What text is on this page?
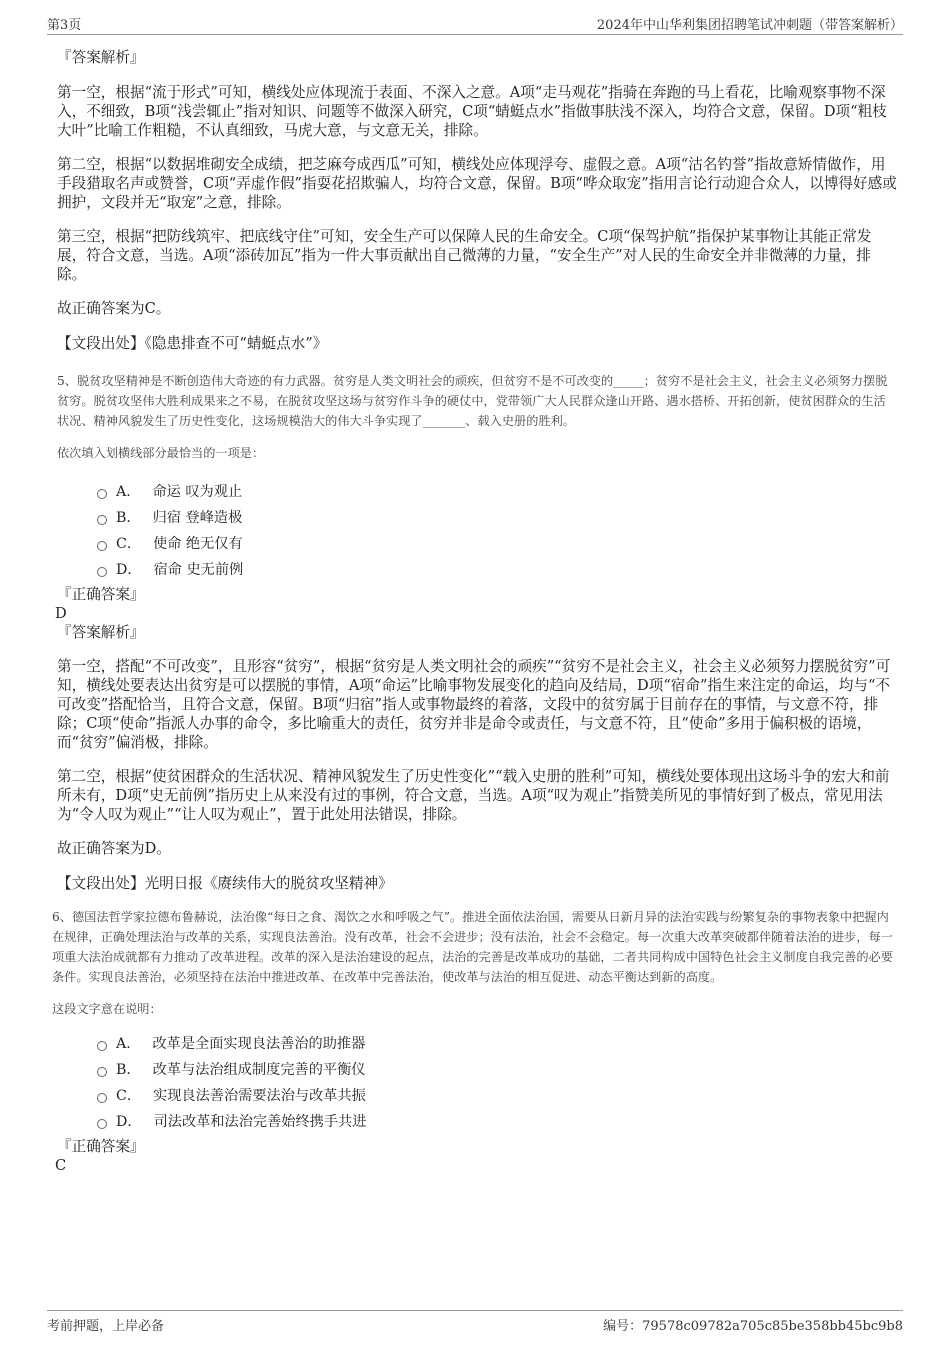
第3页	2024年中山华利集团招聘笔试冲刺题（带答案解析）

『答案解析』

第一空，根据“流于形式”可知，横线处应体现流于表面、不深入之意。A项“走马观花”指骑在奔跑的马上看花，比喻观察事物不深入，不细致，B项“浅尝辄止”指对知识、问题等不做深入研究，C项“蜻蜓点水”指做事肤浅不深入，均符合文意，保留。D项“粗枝大叶”比喻工作粗糙，不认真细致，马虎大意，与文意无关，排除。

第二空，根据“以数据堆砌安全成绩，把芝麻夸成西瓜”可知，横线处应体现浮夸、虚假之意。A项“沽名钓誉”指故意矫情做作，用手段猎取名声或赞誉，C项“弄虚作假”指耍花招欺骗人，均符合文意，保留。B项“哗众取宠”指用言论行动迎合众人，以博得好感或拥护，文段并无“取宠”之意，排除。

第三空，根据“把防线筑牢、把底线守住”可知，安全生产可以保障人民的生命安全。C项“保驾护航”指保护某事物让其能正常发展，符合文意，当选。A项“添砖加瓦”指为一件大事贡献出自己微薄的力量，“安全生产”对人民的生命安全并非微薄的力量，排除。

故正确答案为C。

【文段出处】《隐患排查不可“蜻蜓点水”》

5、脱贫攻坚精神是不断创造伟大奇迹的有力武器。贫穷是人类文明社会的顽疾，但贫穷不是不可改变的_____；贫穷不是社会主义，社会主义必须努力摆脱贫穷。脱贫攻坚伟大胜利成果来之不易，在脱贫攻坚这场与贫穷作斗争的硬仗中，党带领广大人民群众逢山开路、遇水搭桥、开拓创新，使贫困群众的生活状况、精神风貌发生了历史性变化，这场规模浩大的伟大斗争实现了_______、载入史册的胜利。

依次填入划横线部分最恰当的一项是：

A． 命运 叹为观止
B． 归宿 登峰造极
C． 使命 绝无仅有
D． 宿命 史无前例

『正确答案』

D

『答案解析』

第一空，搭配“不可改变”，且形容“贫穷”，根据“贫穷是人类文明社会的顽疾”“贫穷不是社会主义，社会主义必须努力摆脱贫穷”可知，横线处要表达出贫穷是可以摆脱的事情，A项“命运”比喻事物发展变化的趋向及结局，D项“宿命”指生来注定的命运，均与“不可改变”搭配恰当，且符合文意，保留。B项“归宿”指人或事物最终的着落，文段中的贫穷属于目前存在的事情，与文意不符，排除；C项“使命”指派人办事的命令，多比喻重大的责任，贫穷并非是命令或责任，与文意不符，且“使命”多用于偏积极的语境，而“贫穷”偏消极，排除。

第二空，根据“使贫困群众的生活状况、精神风貌发生了历史性变化”“载入史册的胜利”可知，横线处要体现出这场斗争的宏大和前所未有，D项“史无前例”指历史上从来没有过的事例，符合文意，当选。A项“叹为观止”指赞美所见的事情好到了极点，常见用法为“令人叹为观止”“让人叹为观止”，置于此处用法错误，排除。

故正确答案为D。

【文段出处】光明日报《赓续伟大的脱贫攻坚精神》

6、德国法哲学家拉德布鲁赫说，法治像“每日之食、渴饮之水和呼吸之气”。推进全面依法治国，需要从日新月异的法治实践与纷繁复杂的事物表象中把握内在规律，正确处理法治与改革的关系，实现良法善治。没有改革，社会不会进步；没有法治，社会不会稳定。每一次重大改革突破都伴随着法治的进步，每一项重大法治成就都有力推动了改革进程。改革的深入是法治建设的起点，法治的完善是改革成功的基础，二者共同构成中国特色社会主义制度自我完善的必要条件。实现良法善治，必须坚持在法治中推进改革、在改革中完善法治，使改革与法治的相互促进、动态平衡达到新的高度。

这段文字意在说明：

A． 改革是全面实现良法善治的助推器
B． 改革与法治组成制度完善的平衡仪
C． 实现良法善治需要法治与改革共振
D． 司法改革和法治完善始终携手共进

『正确答案』

C

考前押题，上岸必备	编号：79578c09782a705c85be358bb45bc9b8
